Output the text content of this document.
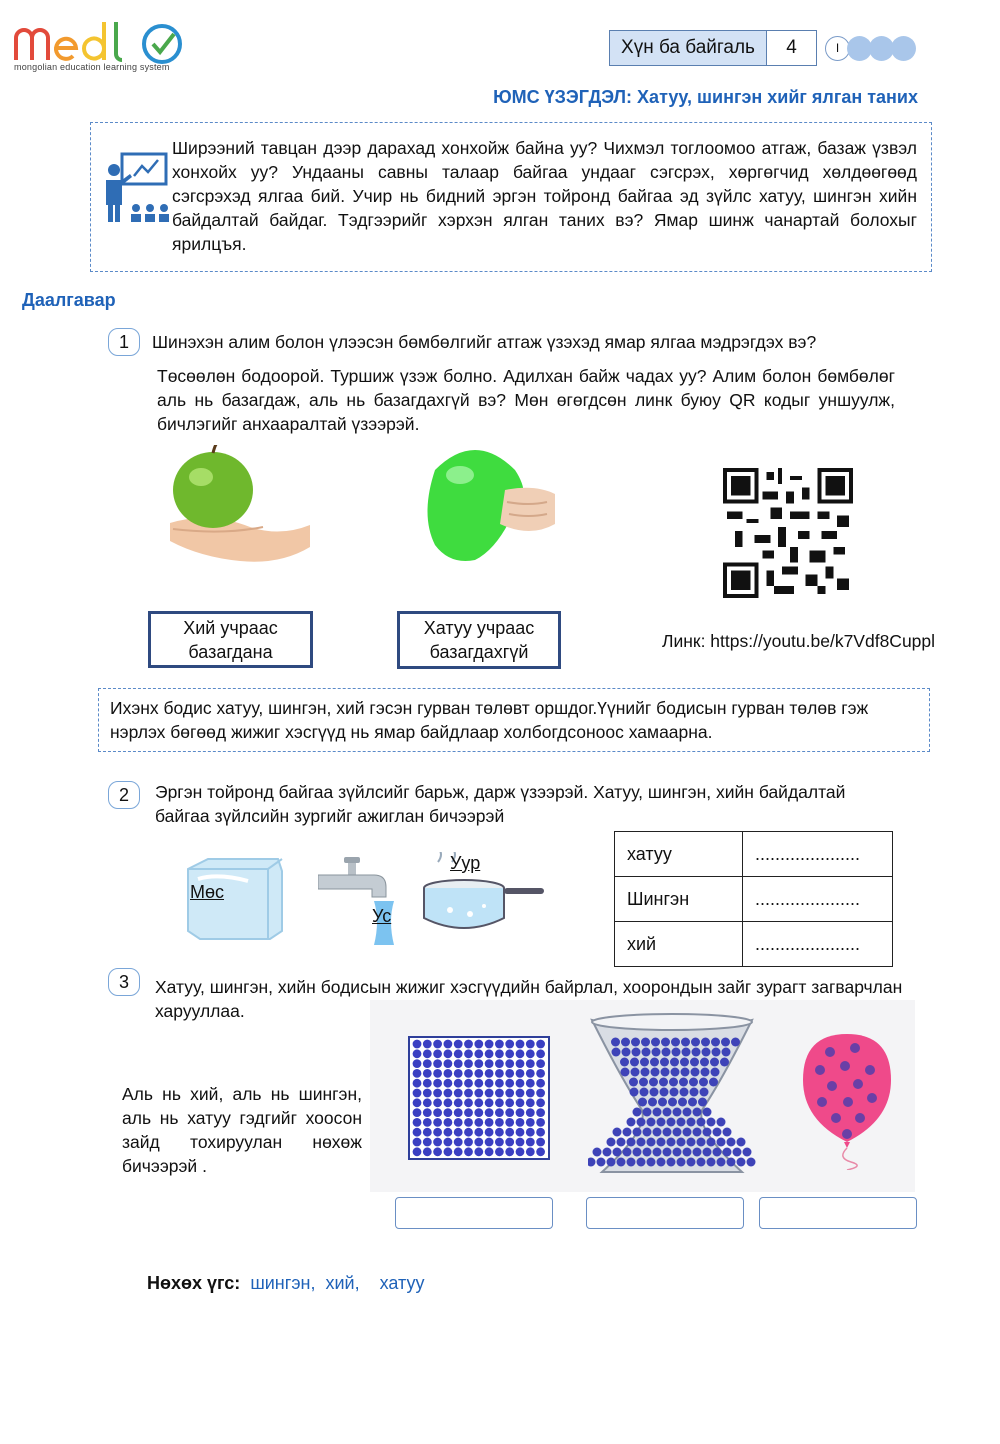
mongolian education learning system
Хүн ба байгаль	4	I
ЮМС ҮЗЭГДЭЛ: Хатуу, шингэн хийг ялган таних
Ширээний тавцан дээр дарахад хонхойж байна уу? Чихмэл тоглоомоо атгаж, базаж үзвэл хонхойх уу? Ундааны савны талаар байгаа ундааг сэгсрэх, хөргөгчид хөлдөөгөөд сэгсрэхэд ялгаа бий. Учир нь бидний эргэн тойронд байгаа эд зүйлс хатуу, шингэн хийн байдалтай байдаг. Тэдгээрийг хэрхэн ялган таних вэ? Ямар шинж чанартай болохыг ярилцъя.
Даалгавар
1	Шинэхэн алим болон үлээсэн бөмбөлгийг атгаж үзэхэд ямар ялгаа мэдрэгдэх вэ?
Төсөөлөн бодоорой. Туршиж үзэж болно. Адилхан байж чадах уу? Алим болон бөмбөлөг аль нь базагдаж, аль нь базагдахгүй вэ? Мөн өгөгдсөн линк буюу QR кодыг уншуулж, бичлэгийг анхааралтай үзээрэй.
Хий учраас базагдана
Хатуу учраас базагдахгүй
Линк: https://youtu.be/k7Vdf8Cuppl
Ихэнх бодис хатуу, шингэн, хий гэсэн гурван төлөвт оршдог.Үүнийг бодисын гурван төлөв гэж нэрлэх бөгөөд жижиг хэсгүүд нь ямар байдлаар холбогдсоноос хамаарна.
2	Эргэн тойронд байгаа зүйлсийг барьж, дарж үзээрэй. Хатуу, шингэн, хийн байдалтай байгаа зүйлсийн зургийг ажиглан бичээрэй
Мөс
Ус
Уур	хатуу	.....................
Шингэн	.....................
хий	.....................
3	Хатуу, шингэн, хийн бодисын жижиг хэсгүүдийн байрлал, хоорондын зайг зурагт загварчлан харууллаа.
Аль нь хий, аль нь шингэн, аль нь хатуу гэдгийг хоосон зайд тохируулан нөхөж бичээрэй .
Нөхөх үгс: шингэн, хий, хатуу
